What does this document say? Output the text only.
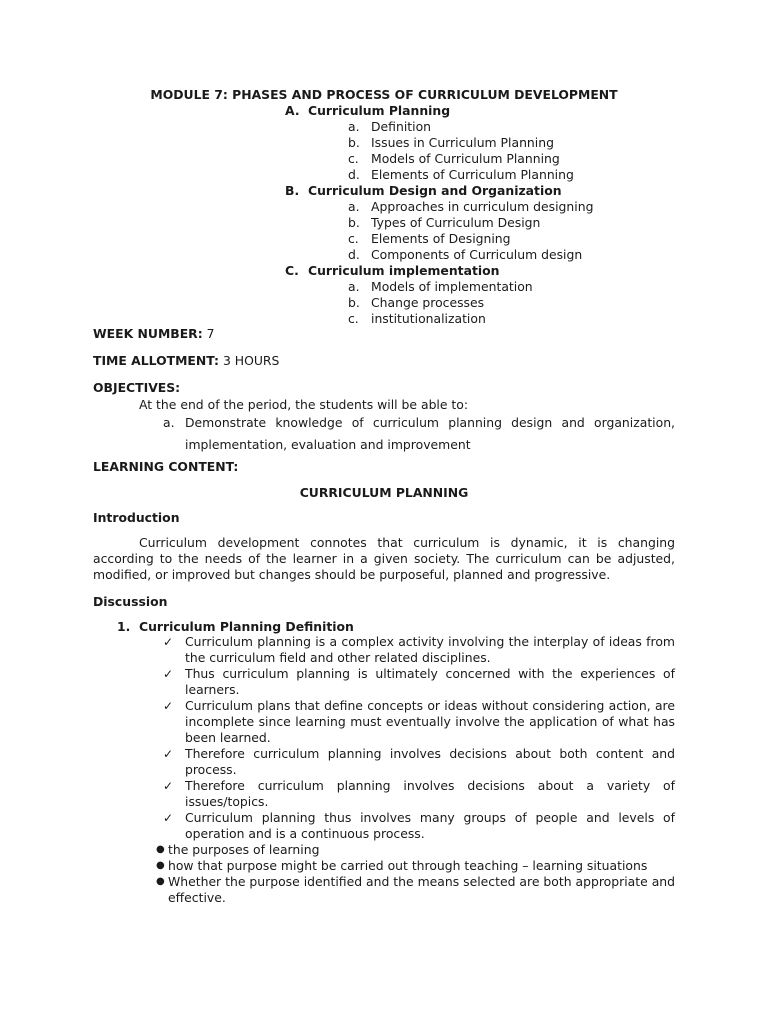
MODULE 7: PHASES AND PROCESS OF CURRICULUM DEVELOPMENT
A. Curriculum Planning
a. Definition
b. Issues in Curriculum Planning
c. Models of Curriculum Planning
d. Elements of Curriculum Planning
B. Curriculum Design and Organization
a. Approaches in curriculum designing
b. Types of Curriculum Design
c. Elements of Designing
d. Components of Curriculum design
C. Curriculum implementation
a. Models of implementation
b. Change processes
c. institutionalization
WEEK NUMBER: 7
TIME ALLOTMENT: 3 HOURS
OBJECTIVES:
At the end of the period, the students will be able to:
a. Demonstrate knowledge of curriculum planning design and organization,
implementation, evaluation and improvement
LEARNING CONTENT:
CURRICULUM PLANNING
Introduction
Curriculum development connotes that curriculum is dynamic, it is changing according to the needs of the learner in a given society. The curriculum can be adjusted, modified, or improved but changes should be purposeful, planned and progressive.
Discussion
1. Curriculum Planning Definition
✓ Curriculum planning is a complex activity involving the interplay of ideas from the curriculum field and other related disciplines.
✓ Thus curriculum planning is ultimately concerned with the experiences of learners.
✓ Curriculum plans that define concepts or ideas without considering action, are incomplete since learning must eventually involve the application of what has been learned.
✓ Therefore curriculum planning involves decisions about both content and process.
✓ Therefore curriculum planning involves decisions about a variety of issues/topics.
✓ Curriculum planning thus involves many groups of people and levels of operation and is a continuous process.
● the purposes of learning
● how that purpose might be carried out through teaching – learning situations
● Whether the purpose identified and the means selected are both appropriate and effective.
